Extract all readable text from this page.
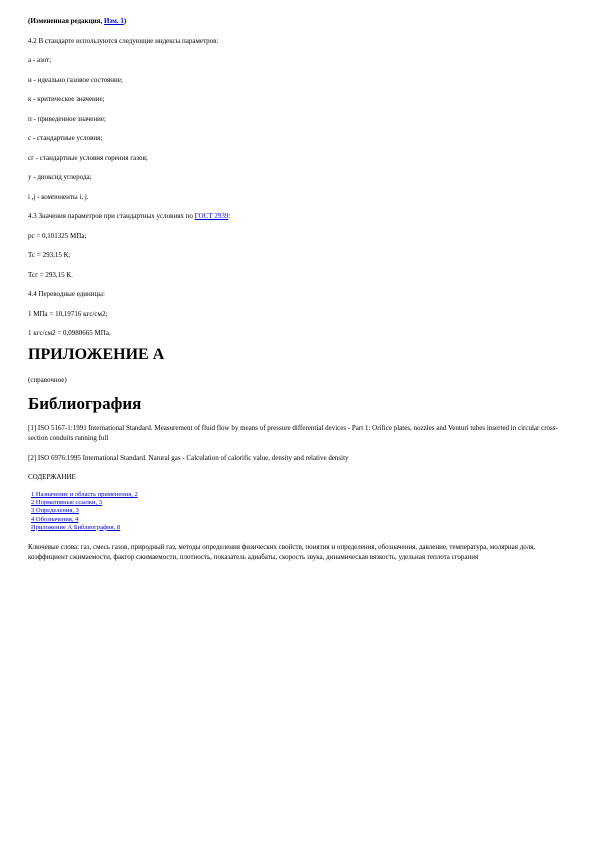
(Измененная редакция, Изм. 1)

4.2 В стандарте используются следующие индексы параметров:

а - азот;

н - идеально газовое состояние;

к - критическое значение;

п - приведенное значение;

с - стандартные условия;

сг - стандартные условия горения газов;

у - диоксид углерода;

i ,j - компоненты i, j.

4.3 Значения параметров при стандартных условиях по ГОСТ 2939:

рс = 0,101325 МПа;

Тс = 293,15 К;

Тсг = 293,15 К.

4.4 Переводные единицы:

1 МПа = 10,19716 кгс/см2;

1 кгс/см2 = 0,0980665 МПа.

ПРИЛОЖЕНИЕ А

(справочное)

Библиография

[1] ISO 5167-1:1991 International Standard. Measurement of fluid flow by means of pressure differential devices - Part 1: Orifice plates, nozzles and Venturi tubes inserted in circular cross-section conduits running full

[2] ISO 6976:1995 International Standard. Natural gas - Calculation of calorific value, density and relative density

СОДЕРЖАНИЕ

1 Назначение и область применения, 2
2 Нормативные ссылки, 3
3 Определения, 3
4 Обозначения, 4
Приложение А Библиография, 8

Ключевые слова: газ, смесь газов, природный газ, методы определения физических свойств, понятия и определения, обозначения, давление, температура, молярная доля, коэффициент сжимаемости, фактор сжимаемости, плотность, показатель адиабаты, скорость звука, динамическая вязкость, удельная теплота сгорания
